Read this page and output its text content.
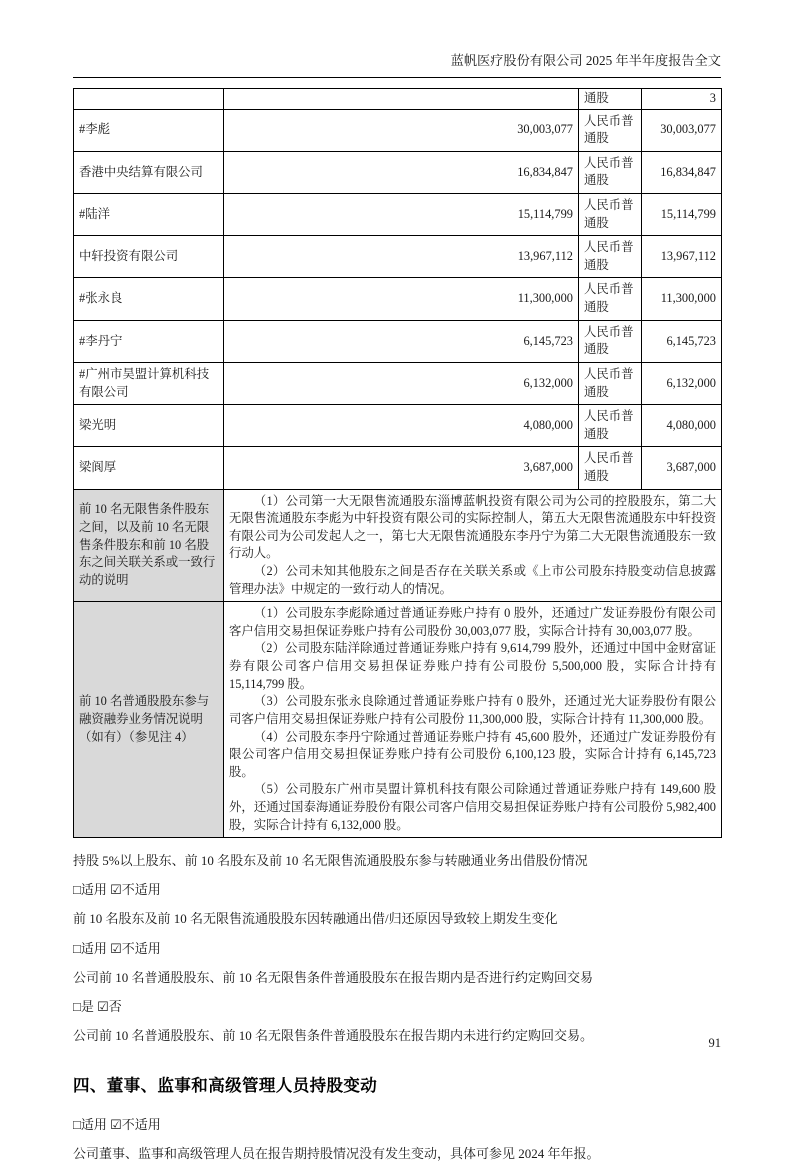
蓝帆医疗股份有限公司 2025 年半年度报告全文
		通股	3
#李彪	30,003,077	人民币普通股	30,003,077
香港中央结算有限公司	16,834,847	人民币普通股	16,834,847
#陆洋	15,114,799	人民币普通股	15,114,799
中轩投资有限公司	13,967,112	人民币普通股	13,967,112
#张永良	11,300,000	人民币普通股	11,300,000
#李丹宁	6,145,723	人民币普通股	6,145,723
#广州市昊盟计算机科技有限公司	6,132,000	人民币普通股	6,132,000
梁光明	4,080,000	人民币普通股	4,080,000
梁阆厚	3,687,000	人民币普通股	3,687,000
前 10 名无限售条件股东之间，以及前 10 名无限售条件股东和前 10 名股东之间关联关系或一致行动的说明	（1）公司第一大无限售流通股东淄博蓝帆投资有限公司为公司的控股股东，第二大无限售流通股东李彪为中轩投资有限公司的实际控制人，第五大无限售流通股东中轩投资有限公司为公司发起人之一，第七大无限售流通股东李丹宁为第二大无限售流通股东一致行动人。

（2）公司未知其他股东之间是否存在关联关系或《上市公司股东持股变动信息披露管理办法》中规定的一致行动人的情况。		

前 10 名普通股股东参与融资融券业务情况说明（如有）（参见注 4）	（1）公司股东李彪除通过普通证券账户持有 0 股外，还通过广发证券股份有限公司客户信用交易担保证券账户持有公司股份 30,003,077 股，实际合计持有 30,003,077 股。

（2）公司股东陆洋除通过普通证券账户持有 9,614,799 股外，还通过中国中金财富证券有限公司客户信用交易担保证券账户持有公司股份 5,500,000 股，实际合计持有 15,114,799 股。

（3）公司股东张永良除通过普通证券账户持有 0 股外，还通过光大证券股份有限公司客户信用交易担保证券账户持有公司股份 11,300,000 股，实际合计持有 11,300,000 股。

（4）公司股东李丹宁除通过普通证券账户持有 45,600 股外，还通过广发证券股份有限公司客户信用交易担保证券账户持有公司股份 6,100,123 股，实际合计持有 6,145,723 股。

（5）公司股东广州市昊盟计算机科技有限公司除通过普通证券账户持有 149,600 股外，还通过国泰海通证券股份有限公司客户信用交易担保证券账户持有公司股份 5,982,400 股，实际合计持有 6,132,000 股。		

持股 5%以上股东、前 10 名股东及前 10 名无限售流通股股东参与转融通业务出借股份情况

□适用 ☑不适用

前 10 名股东及前 10 名无限售流通股股东因转融通出借/归还原因导致较上期发生变化

□适用 ☑不适用

公司前 10 名普通股股东、前 10 名无限售条件普通股股东在报告期内是否进行约定购回交易

□是 ☑否

公司前 10 名普通股股东、前 10 名无限售条件普通股股东在报告期内未进行约定购回交易。

四、董事、监事和高级管理人员持股变动

□适用 ☑不适用

公司董事、监事和高级管理人员在报告期持股情况没有发生变动，具体可参见 2024 年年报。

91
